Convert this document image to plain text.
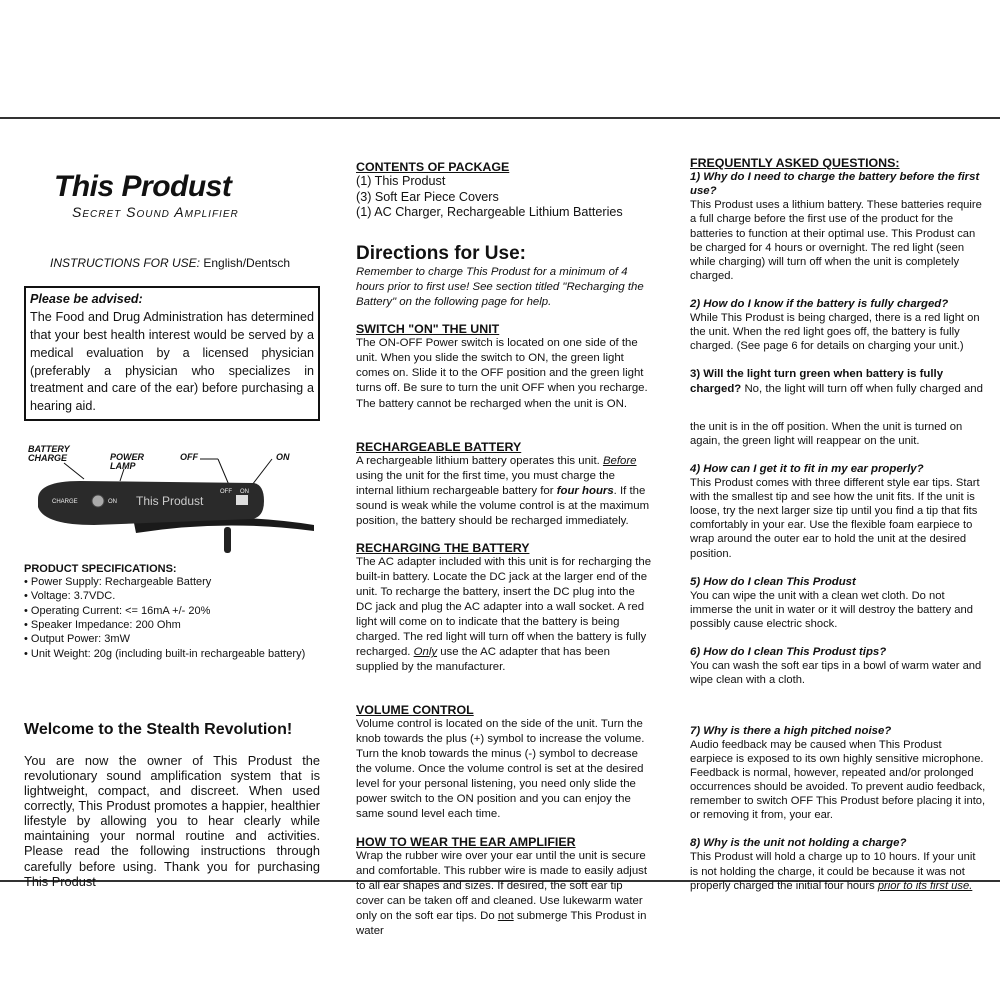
This Produst
Secret Sound Amplifier
INSTRUCTIONS FOR USE: English/Dentsch
Please be advised:
The Food and Drug Administration has determined that your best health interest would be served by a medical evaluation by a licensed physician (preferably a physician who specializes in treatment and care of the ear) before purchasing a hearing aid.
BATTERY CHARGE	POWER LAMP
OFF	ON
CHARGE	ON This Produst
OFF ON
PRODUCT SPECIFICATIONS:
• Power Supply: Rechargeable Battery
• Voltage: 3.7VDC.
• Operating Current: <= 16mA +/- 20%
• Speaker Impedance: 200 Ohm
• Output Power: 3mW
• Unit Weight: 20g (including built-in rechargeable battery)
Welcome to the Stealth Revolution!

You are now the owner of This Produst the revolutionary sound amplification system that is lightweight, compact, and discreet. When used correctly, This Produst promotes a happier, healthier lifestyle by allowing you to hear clearly while maintaining your normal routine and activities. Please read the following instructions through carefully before using. Thank you for purchasing This Produst

CONTENTS OF PACKAGE
(1) This Produst
(3) Soft Ear Piece Covers
(1) AC Charger, Rechargeable Lithium Batteries
Directions for Use:

Remember to charge This Produst for a minimum of 4 hours prior to first use! See section titled "Recharging the Battery" on the following page for help.

SWITCH "ON" THE UNIT

The ON-OFF Power switch is located on one side of the unit. When you slide the switch to ON, the green light comes on. Slide it to the OFF position and the green light turns off. Be sure to turn the unit OFF when you recharge. The battery cannot be recharged when the unit is ON.

RECHARGEABLE BATTERY

A rechargeable lithium battery operates this unit. Before using the unit for the first time, you must charge the internal lithium rechargeable battery for four hours. If the sound is weak while the volume control is at the maximum position, the battery should be recharged immediately.

RECHARGING THE BATTERY

The AC adapter included with this unit is for recharging the built-in battery. Locate the DC jack at the larger end of the unit. To recharge the battery, insert the DC plug into the DC jack and plug the AC adapter into a wall socket. A red light will come on to indicate that the battery is being charged. The red light will turn off when the battery is fully recharged. Only use the AC adapter that has been supplied by the manufacturer.

VOLUME CONTROL

Volume control is located on the side of the unit. Turn the knob towards the plus (+) symbol to increase the volume. Turn the knob towards the minus (-) symbol to decrease the volume. Once the volume control is set at the desired level for your personal listening, you need only slide the power switch to the ON position and you can enjoy the same sound level each time.

HOW TO WEAR THE EAR AMPLIFIER

Wrap the rubber wire over your ear until the unit is secure and comfortable. This rubber wire is made to easily adjust to all ear shapes and sizes. If desired, the soft ear tip cover can be taken off and cleaned. Use lukewarm water only on the soft ear tips. Do not submerge This Produst in water

FREQUENTLY ASKED QUESTIONS:

1) Why do I need to charge the battery before the first use?

This Produst uses a lithium battery. These batteries require a full charge before the first use of the product for the batteries to function at their optimal use. This Produst can be charged for 4 hours or overnight. The red light (seen while charging) will turn off when the unit is completely charged.

2) How do I know if the battery is fully charged?

While This Produst is being charged, there is a red light on the unit. When the red light goes off, the battery is fully charged. (See page 6 for details on charging your unit.)

3) Will the light turn green when battery is fully charged? No, the light will turn off when fully charged and

the unit is in the off position. When the unit is turned on again, the green light will reappear on the unit.

4) How can I get it to fit in my ear properly?

This Produst comes with three different style ear tips. Start with the smallest tip and see how the unit fits. If the unit is loose, try the next larger size tip until you find a tip that fits comfortably in your ear. Use the flexible foam earpiece to wrap around the outer ear to hold the unit at the desired position.

5) How do I clean This Produst

You can wipe the unit with a clean wet cloth. Do not immerse the unit in water or it will destroy the battery and possibly cause electric shock.

6) How do I clean This Produst tips?

You can wash the soft ear tips in a bowl of warm water and wipe clean with a cloth.

7) Why is there a high pitched noise?

Audio feedback may be caused when This Produst earpiece is exposed to its own highly sensitive microphone. Feedback is normal, however, repeated and/or prolonged occurrences should be avoided. To prevent audio feedback, remember to switch OFF This Produst before placing it into, or removing it from, your ear.

8) Why is the unit not holding a charge?

This Produst will hold a charge up to 10 hours. If your unit is not holding the charge, it could be because it was not properly charged the initial four hours prior to its first use.
